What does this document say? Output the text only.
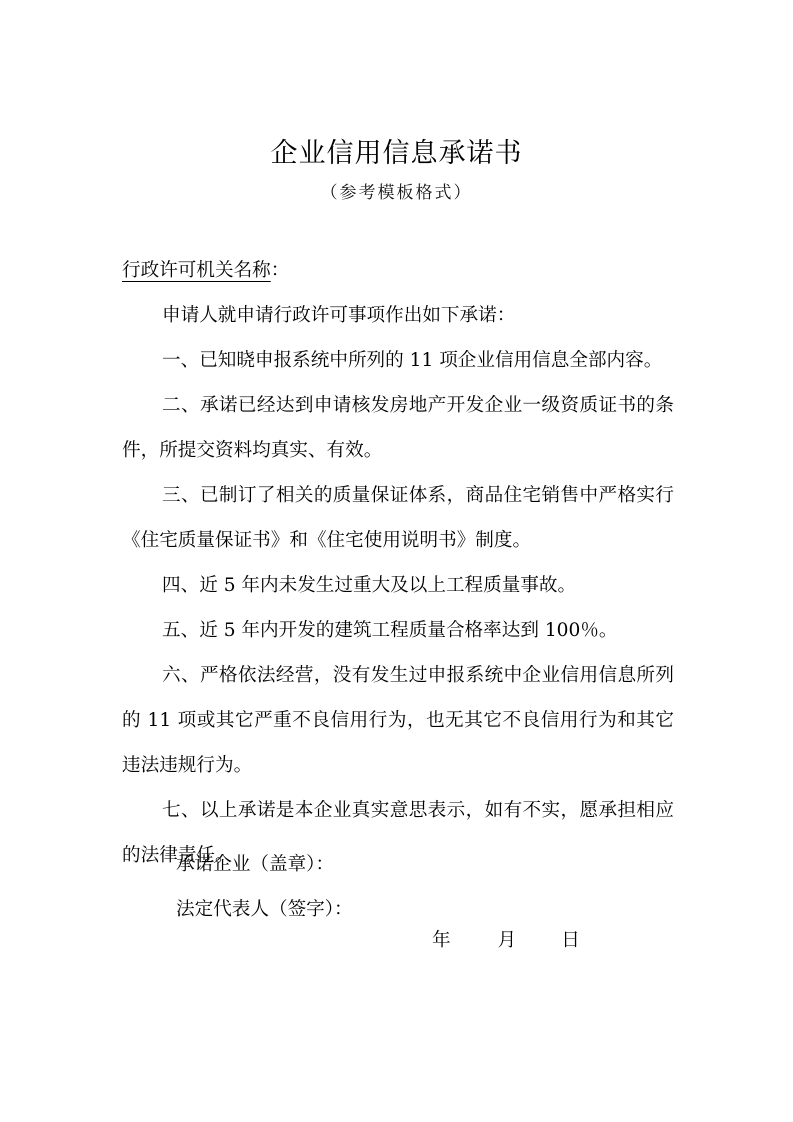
企业信用信息承诺书
（参考模板格式）

行政许可机关名称：

申请人就申请行政许可事项作出如下承诺：

一、已知晓申报系统中所列的 11 项企业信用信息全部内容。

二、承诺已经达到申请核发房地产开发企业一级资质证书的条件，所提交资料均真实、有效。

三、已制订了相关的质量保证体系，商品住宅销售中严格实行《住宅质量保证书》和《住宅使用说明书》制度。

四、近 5 年内未发生过重大及以上工程质量事故。

五、近 5 年内开发的建筑工程质量合格率达到 100％。

六、严格依法经营，没有发生过申报系统中企业信用信息所列的 11 项或其它严重不良信用行为，也无其它不良信用行为和其它违法违规行为。

七、以上承诺是本企业真实意思表示，如有不实，愿承担相应的法律责任。

承诺企业（盖章）：

法定代表人（签字）：

年	月 日
